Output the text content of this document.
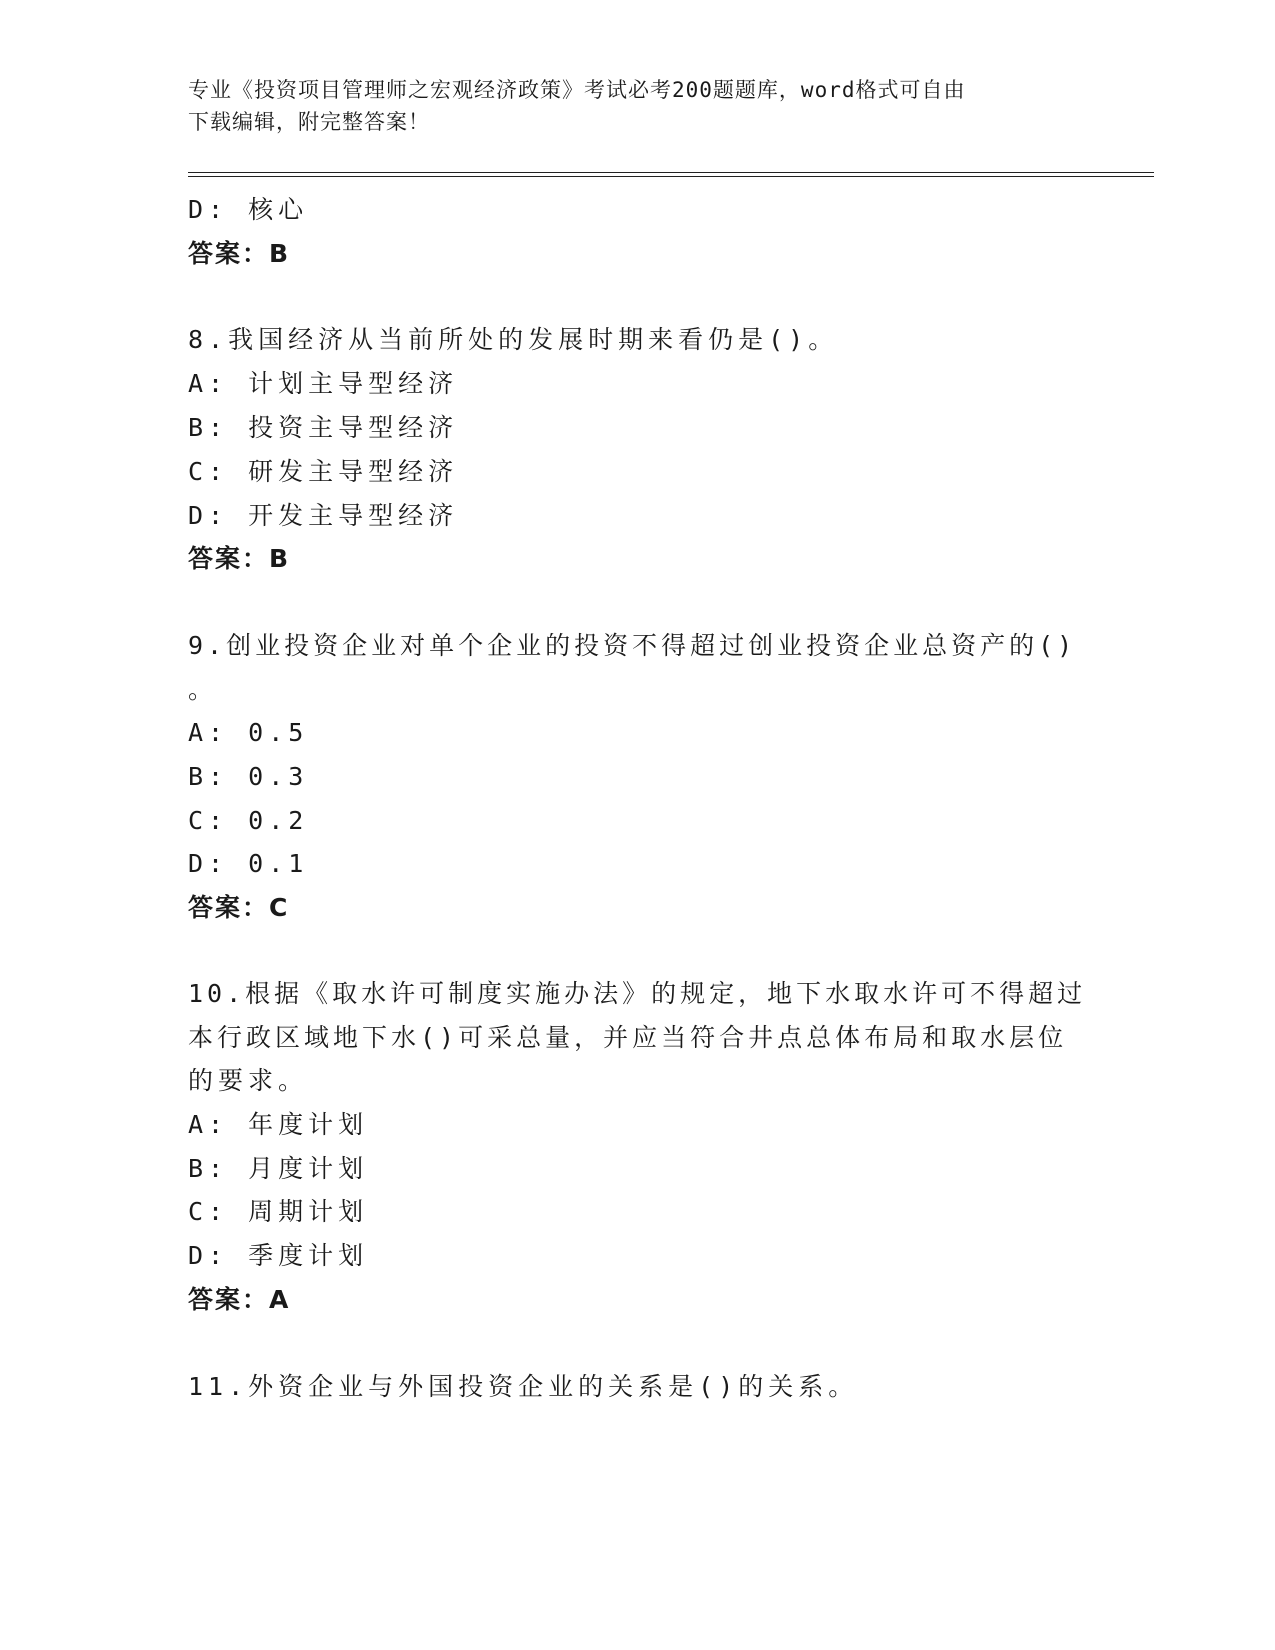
专业《投资项目管理师之宏观经济政策》考试必考200题题库，word格式可自由
下载编辑，附完整答案！
D: 核心
答案：B
8.我国经济从当前所处的发展时期来看仍是()。
A: 计划主导型经济
B: 投资主导型经济
C: 研发主导型经济
D: 开发主导型经济
答案：B
9.创业投资企业对单个企业的投资不得超过创业投资企业总资产的()
。
A: 0.5
B: 0.3
C: 0.2
D: 0.1
答案：C
10.根据《取水许可制度实施办法》的规定，地下水取水许可不得超过
本行政区域地下水()可采总量，并应当符合井点总体布局和取水层位
的要求。
A: 年度计划
B: 月度计划
C: 周期计划
D: 季度计划
答案：A
11.外资企业与外国投资企业的关系是()的关系。
